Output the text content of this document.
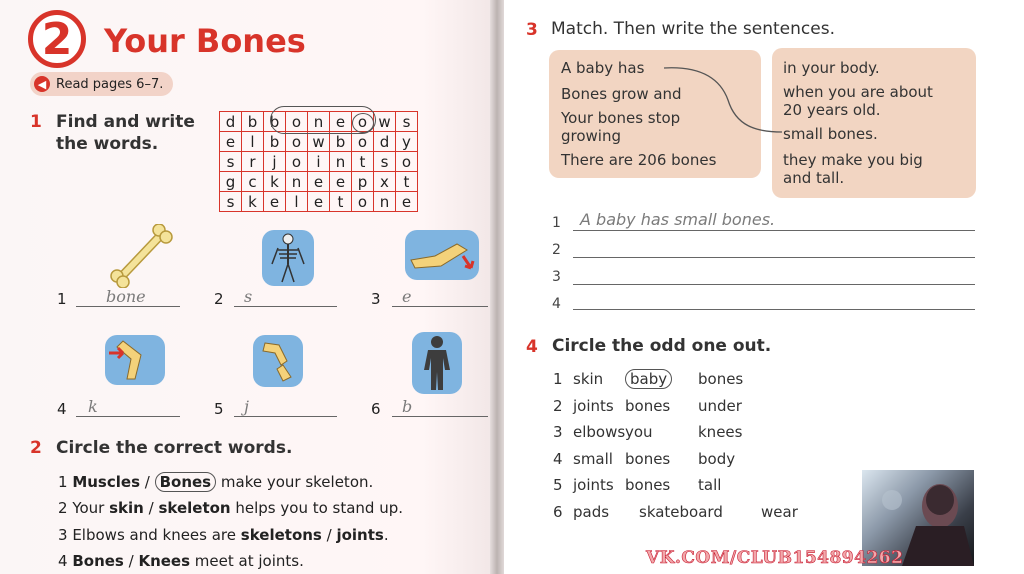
2 Your Bones
◀ Read pages 6–7.
1 Find and write
the words.
d	b	b	o	n	e	o	w	s
e	l	b	o	w	b	o	d	y
s	r	j	o	i	n	t	s	o
g	c	k	n	e	e	p	x	t
s	k	e	l	e	t	o	n	e
1 bone	2 s	3 e
4 k	5 j	6 b
2 Circle the correct words.
1 Muscles / Bones make your skeleton.
2 Your skin / skeleton helps you to stand up.
3 Elbows and knees are skeletons / joints.
4 Bones / Knees meet at joints.
3 Match. Then write the sentences.
A baby has
Bones grow and
Your bones stop
growing
There are 206 bones
in your body.
when you are about
20 years old.
small bones.
they make you big
and tall.
1 A baby has small bones.
2
3
4
4 Circle the odd one out.
1 skin	baby	bones
2 joints bones under
3 elbows you	knees
4 small bones body
5 joints bones tall
6 pads skateboard	wear
VK.COM/CLUB154894262
